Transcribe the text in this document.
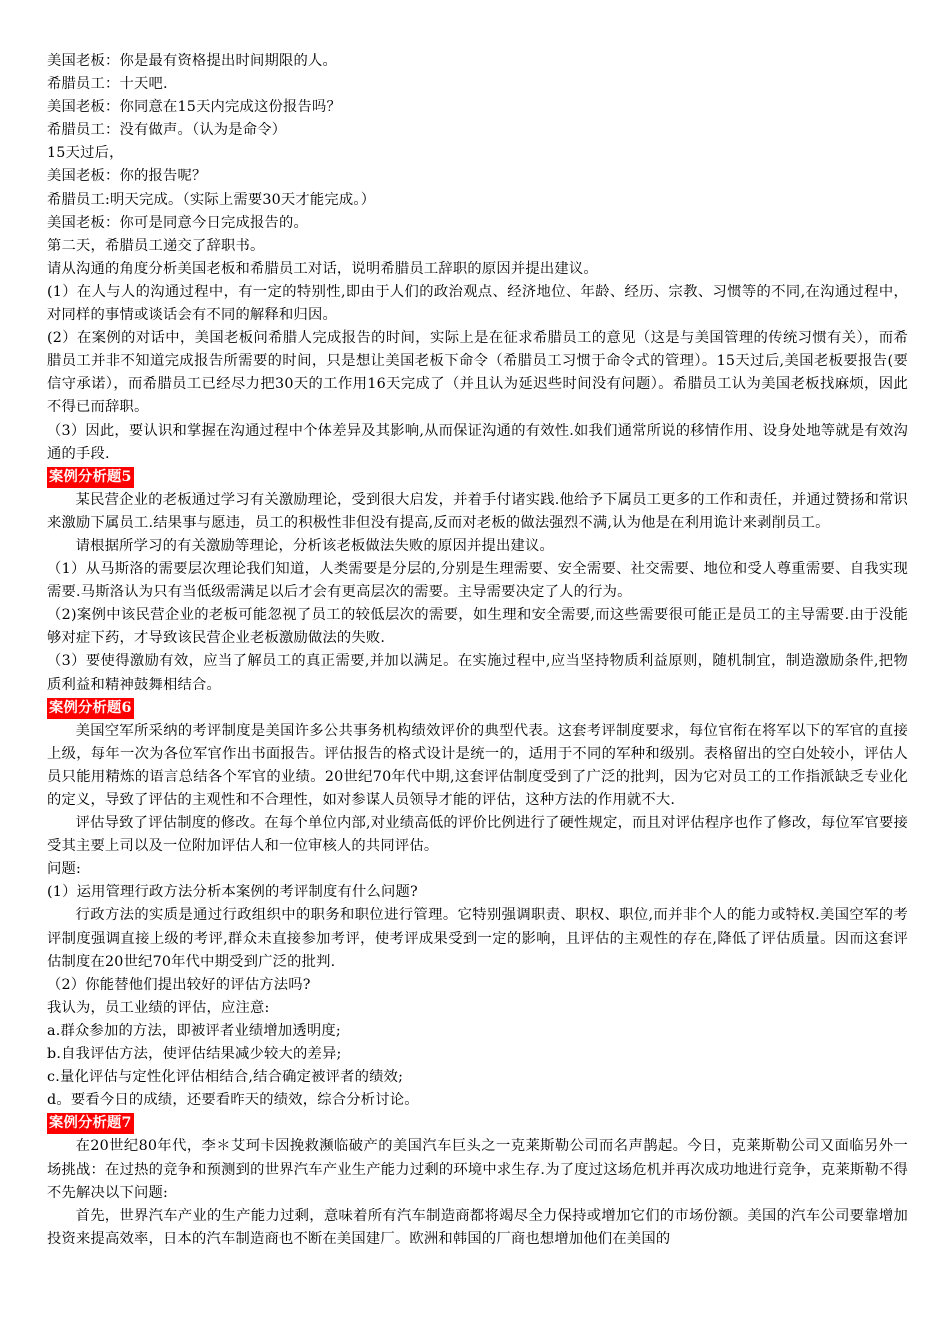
美国老板：你是最有资格提出时间期限的人。

希腊员工：十天吧.

美国老板：你同意在15天内完成这份报告吗？

希腊员工：没有做声。（认为是命令）

15天过后，

美国老板：你的报告呢？

希腊员工:明天完成。（实际上需要30天才能完成。）

美国老板：你可是同意今日完成报告的。

第二天，希腊员工递交了辞职书。

请从沟通的角度分析美国老板和希腊员工对话，说明希腊员工辞职的原因并提出建议。

(1）在人与人的沟通过程中，有一定的特别性,即由于人们的政治观点、经济地位、年龄、经历、宗教、习惯等的不同,在沟通过程中，对同样的事情或谈话会有不同的解释和归因。

(2）在案例的对话中，美国老板问希腊人完成报告的时间，实际上是在征求希腊员工的意见（这是与美国管理的传统习惯有关），而希腊员工并非不知道完成报告所需要的时间，只是想让美国老板下命令（希腊员工习惯于命令式的管理）。15天过后,美国老板要报告(要信守承诺），而希腊员工已经尽力把30天的工作用16天完成了（并且认为延迟些时间没有问题）。希腊员工认为美国老板找麻烦，因此不得已而辞职。

（3）因此，要认识和掌握在沟通过程中个体差异及其影响,从而保证沟通的有效性.如我们通常所说的移情作用、设身处地等就是有效沟通的手段.

案例分析题5

某民营企业的老板通过学习有关激励理论，受到很大启发，并着手付诸实践.他给予下属员工更多的工作和责任，并通过赞扬和常识来激励下属员工.结果事与愿违，员工的积极性非但没有提高,反而对老板的做法强烈不满,认为他是在利用诡计来剥削员工。

请根据所学习的有关激励等理论，分析该老板做法失败的原因并提出建议。

（1）从马斯洛的需要层次理论我们知道，人类需要是分层的,分别是生理需要、安全需要、社交需要、地位和受人尊重需要、自我实现需要.马斯洛认为只有当低级需满足以后才会有更高层次的需要。主导需要决定了人的行为。

（2)案例中该民营企业的老板可能忽视了员工的较低层次的需要，如生理和安全需要,而这些需要很可能正是员工的主导需要.由于没能够对症下药，才导致该民营企业老板激励做法的失败.

（3）要使得激励有效，应当了解员工的真正需要,并加以满足。在实施过程中,应当坚持物质利益原则，随机制宜，制造激励条件,把物质利益和精神鼓舞相结合。

案例分析题6

美国空军所采纳的考评制度是美国许多公共事务机构绩效评价的典型代表。这套考评制度要求，每位官衔在将军以下的军官的直接上级，每年一次为各位军官作出书面报告。评估报告的格式设计是统一的，适用于不同的军种和级别。表格留出的空白处较小，评估人员只能用精炼的语言总结各个军官的业绩。20世纪70年代中期,这套评估制度受到了广泛的批判，因为它对员工的工作指派缺乏专业化的定义，导致了评估的主观性和不合理性，如对参谋人员领导才能的评估，这种方法的作用就不大.

评估导致了评估制度的修改。在每个单位内部,对业绩高低的评价比例进行了硬性规定，而且对评估程序也作了修改，每位军官要接受其主要上司以及一位附加评估人和一位审核人的共同评估。

问题:

(1）运用管理行政方法分析本案例的考评制度有什么问题?

行政方法的实质是通过行政组织中的职务和职位进行管理。它特别强调职责、职权、职位,而并非个人的能力或特权.美国空军的考评制度强调直接上级的考评,群众未直接参加考评，使考评成果受到一定的影响，且评估的主观性的存在,降低了评估质量。因而这套评估制度在20世纪70年代中期受到广泛的批判.

（2）你能替他们提出较好的评估方法吗?

我认为，员工业绩的评估，应注意:

a.群众参加的方法，即被评者业绩增加透明度;

b.自我评估方法，使评估结果减少较大的差异;

c.量化评估与定性化评估相结合,结合确定被评者的绩效;

d。要看今日的成绩，还要看昨天的绩效，综合分析讨论。

案例分析题7

在20世纪80年代，李＊艾珂卡因挽救濒临破产的美国汽车巨头之一克莱斯勒公司而名声鹊起。今日，克莱斯勒公司又面临另外一场挑战：在过热的竞争和预测到的世界汽车产业生产能力过剩的环境中求生存.为了度过这场危机并再次成功地进行竞争，克莱斯勒不得不先解决以下问题:

首先，世界汽车产业的生产能力过剩，意味着所有汽车制造商都将竭尽全力保持或增加它们的市场份额。美国的汽车公司要靠增加投资来提高效率，日本的汽车制造商也不断在美国建厂。欧洲和韩国的厂商也想增加他们在美国的
